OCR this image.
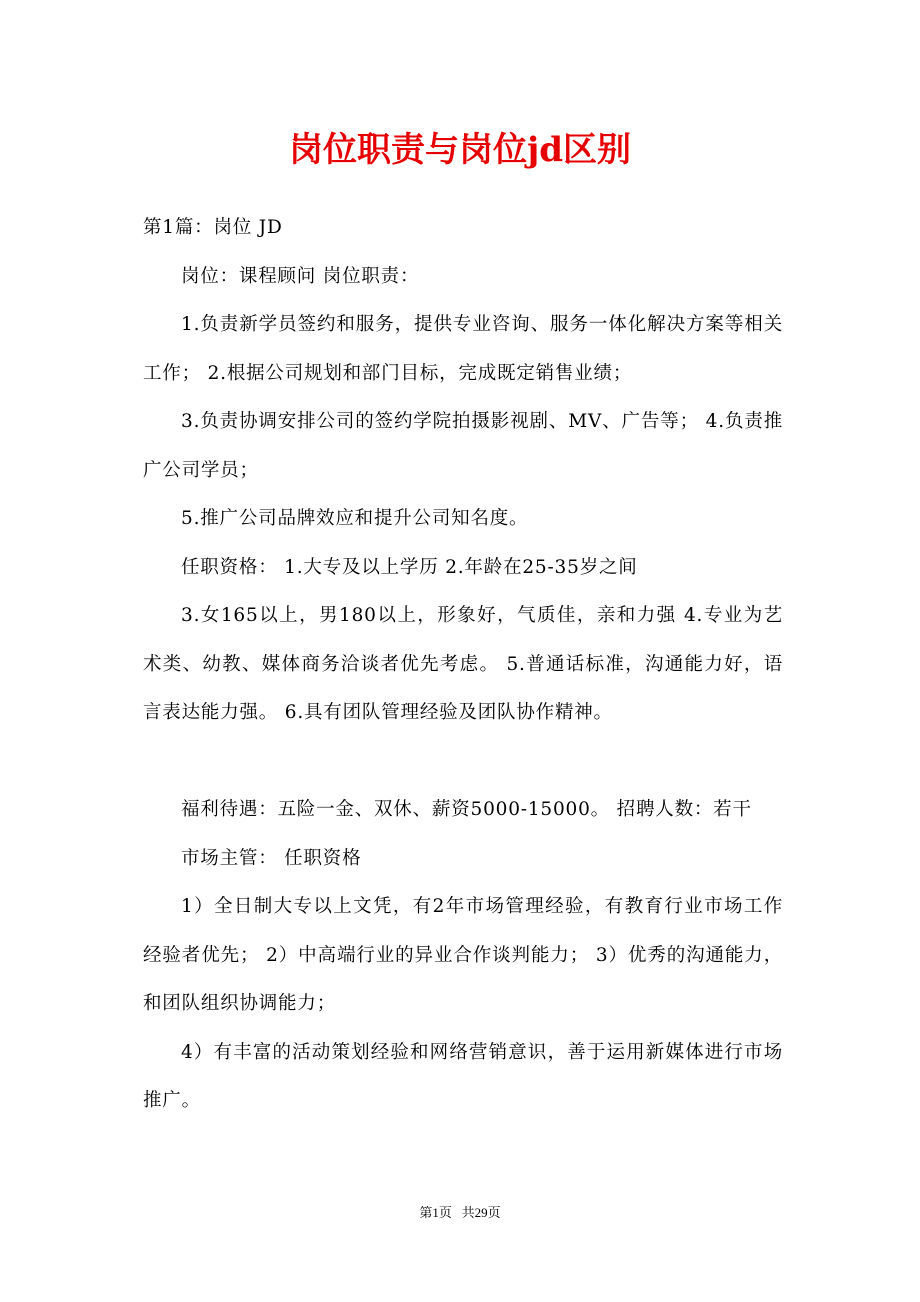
岗位职责与岗位jd区别

第1篇：岗位 JD

岗位：课程顾问 岗位职责：

1.负责新学员签约和服务，提供专业咨询、服务一体化解决方案等相关工作； 2.根据公司规划和部门目标，完成既定销售业绩；

3.负责协调安排公司的签约学院拍摄影视剧、MV、广告等； 4.负责推广公司学员；

5.推广公司品牌效应和提升公司知名度。

任职资格： 1.大专及以上学历 2.年龄在25-35岁之间

3.女165以上，男180以上，形象好，气质佳，亲和力强 4.专业为艺术类、幼教、媒体商务洽谈者优先考虑。 5.普通话标准，沟通能力好，语言表达能力强。 6.具有团队管理经验及团队协作精神。

福利待遇：五险一金、双休、薪资5000-15000。 招聘人数：若干

市场主管： 任职资格

1）全日制大专以上文凭，有2年市场管理经验，有教育行业市场工作经验者优先； 2）中高端行业的异业合作谈判能力； 3）优秀的沟通能力，和团队组织协调能力；

4）有丰富的活动策划经验和网络营销意识，善于运用新媒体进行市场推广。

第1页 共29页
